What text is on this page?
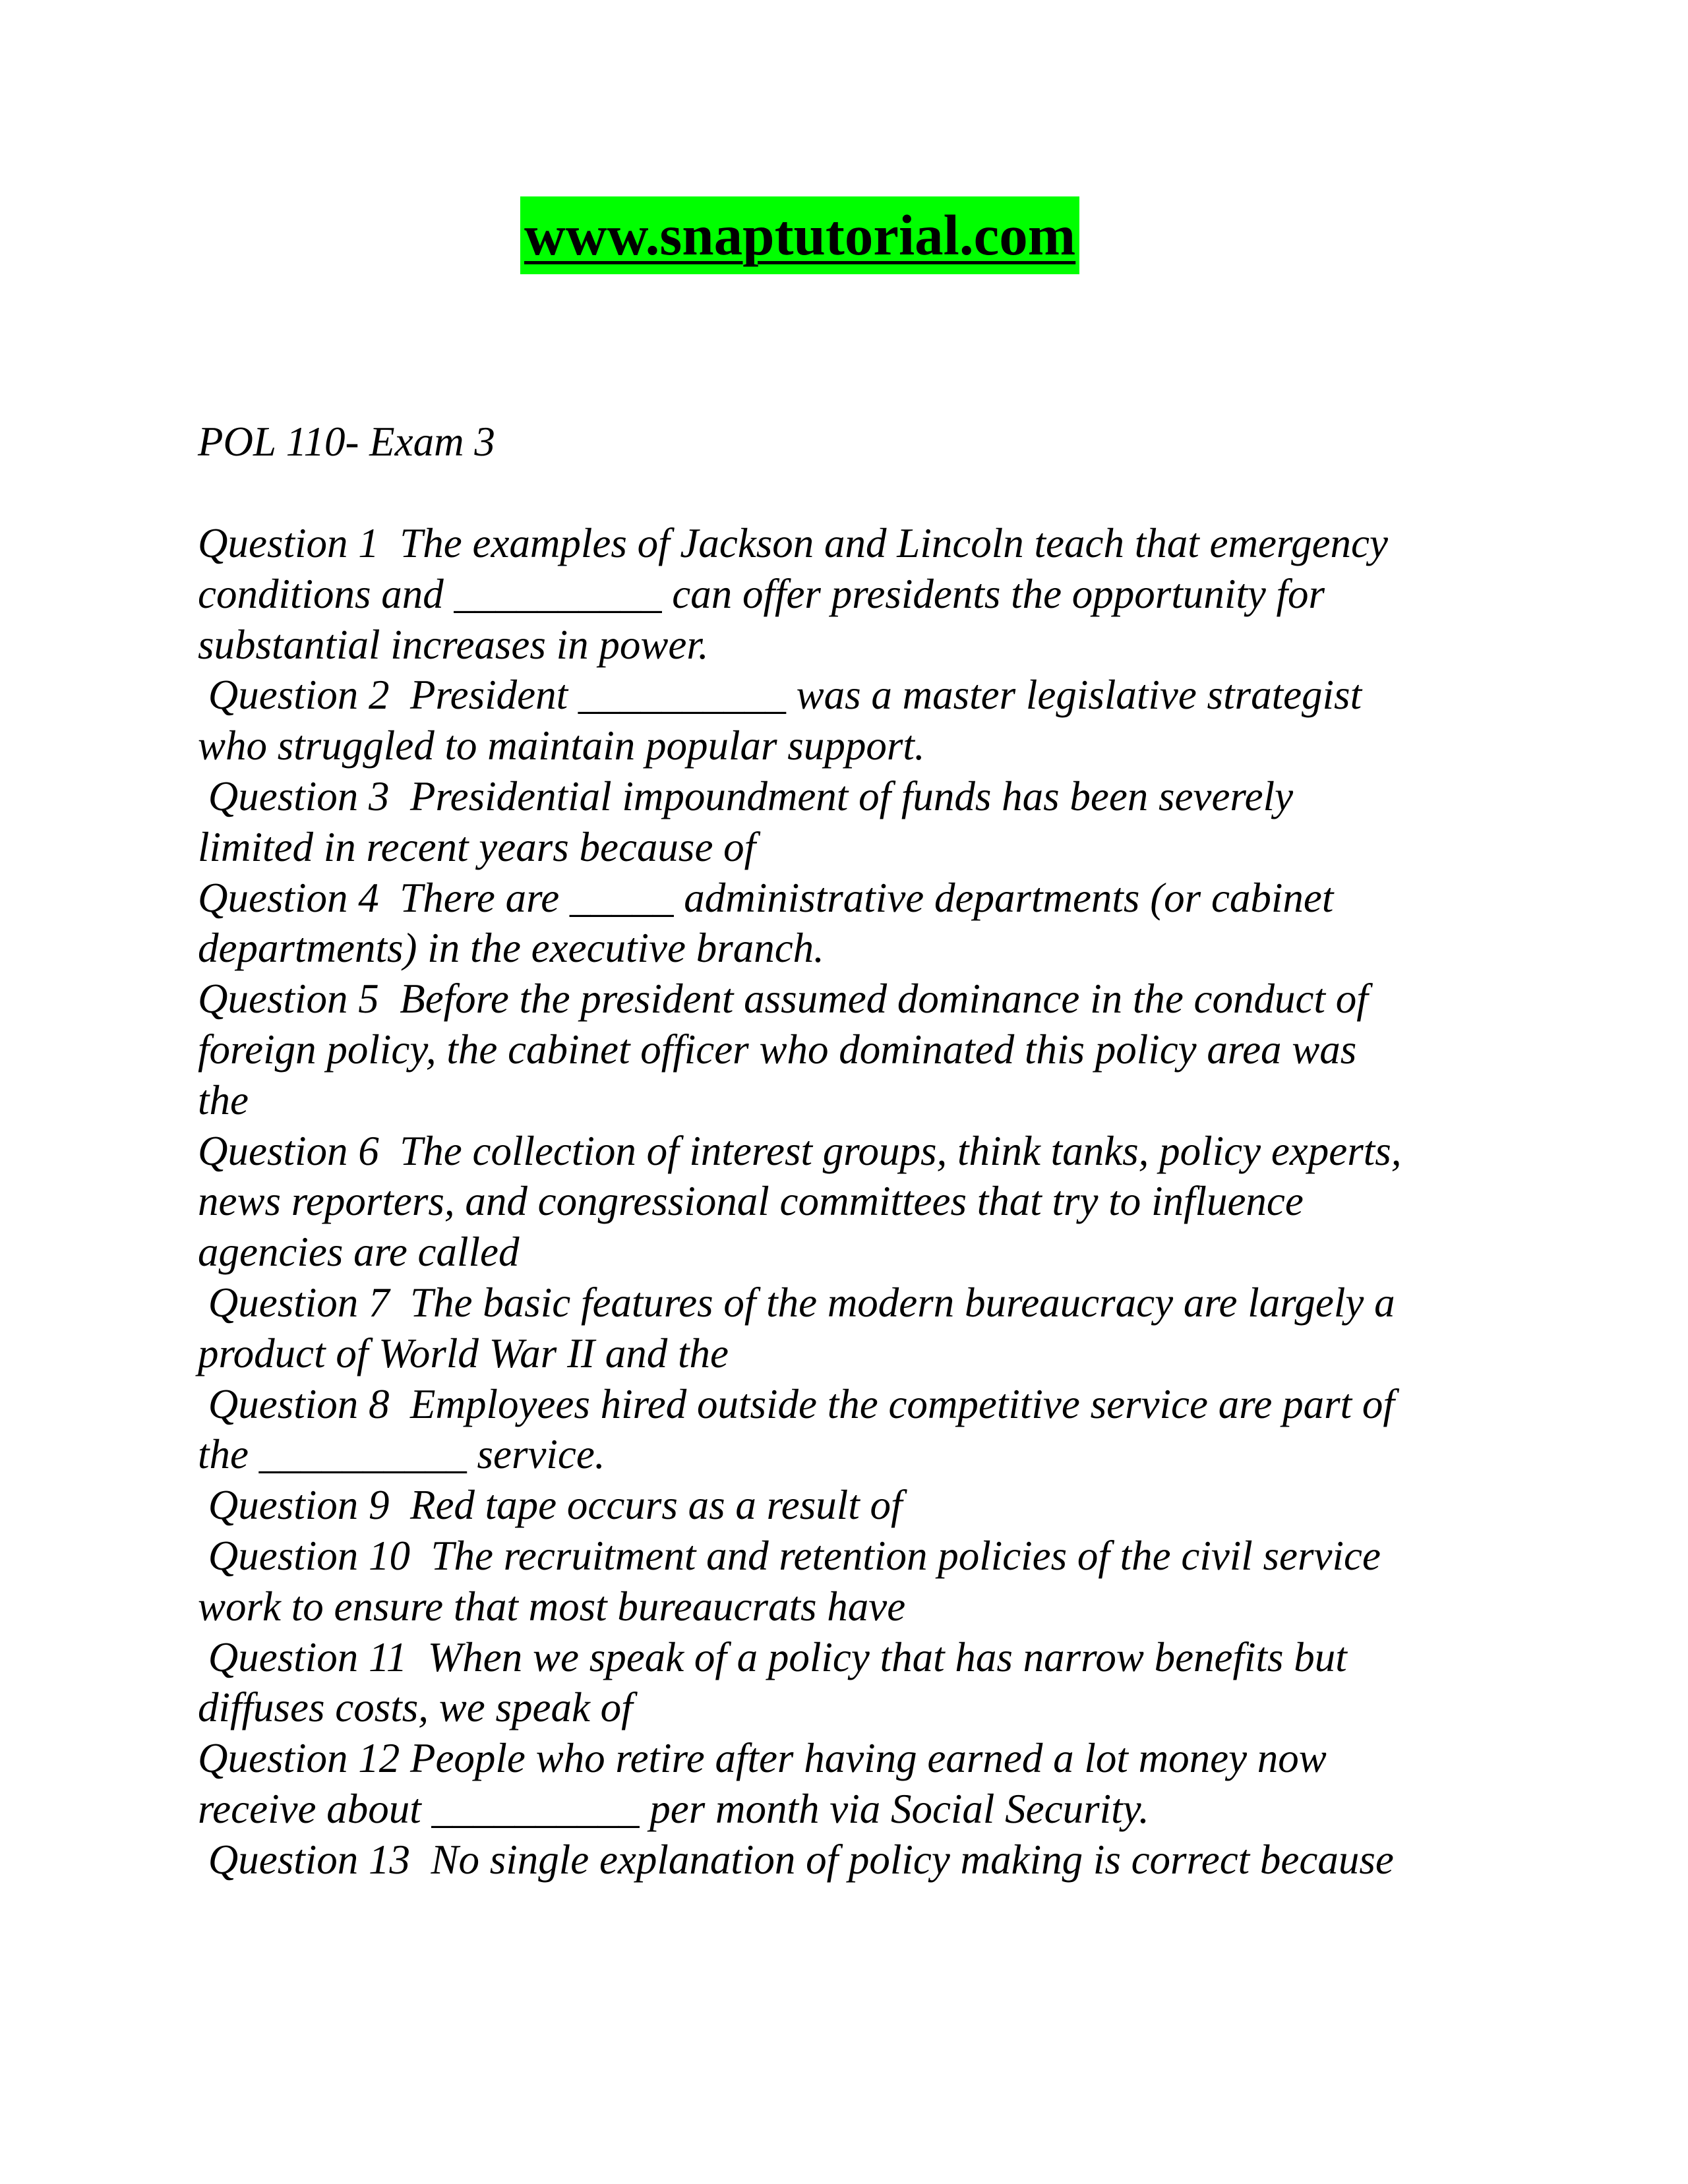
www.snaptutorial.com
POL 110- Exam 3
Question 1  The examples of Jackson and Lincoln teach that emergency
conditions and __________ can offer presidents the opportunity for
substantial increases in power.
Question 2  President __________ was a master legislative strategist
who struggled to maintain popular support.
Question 3  Presidential impoundment of funds has been severely
limited in recent years because of
Question 4  There are _____ administrative departments (or cabinet
departments) in the executive branch.
Question 5  Before the president assumed dominance in the conduct of
foreign policy, the cabinet officer who dominated this policy area was
the
Question 6  The collection of interest groups, think tanks, policy experts,
news reporters, and congressional committees that try to influence
agencies are called
Question 7  The basic features of the modern bureaucracy are largely a
product of World War II and the
Question 8  Employees hired outside the competitive service are part of
the __________ service.
Question 9  Red tape occurs as a result of
Question 10  The recruitment and retention policies of the civil service
work to ensure that most bureaucrats have
Question 11  When we speak of a policy that has narrow benefits but
diffuses costs, we speak of
Question 12 People who retire after having earned a lot money now
receive about __________ per month via Social Security.
Question 13  No single explanation of policy making is correct because
